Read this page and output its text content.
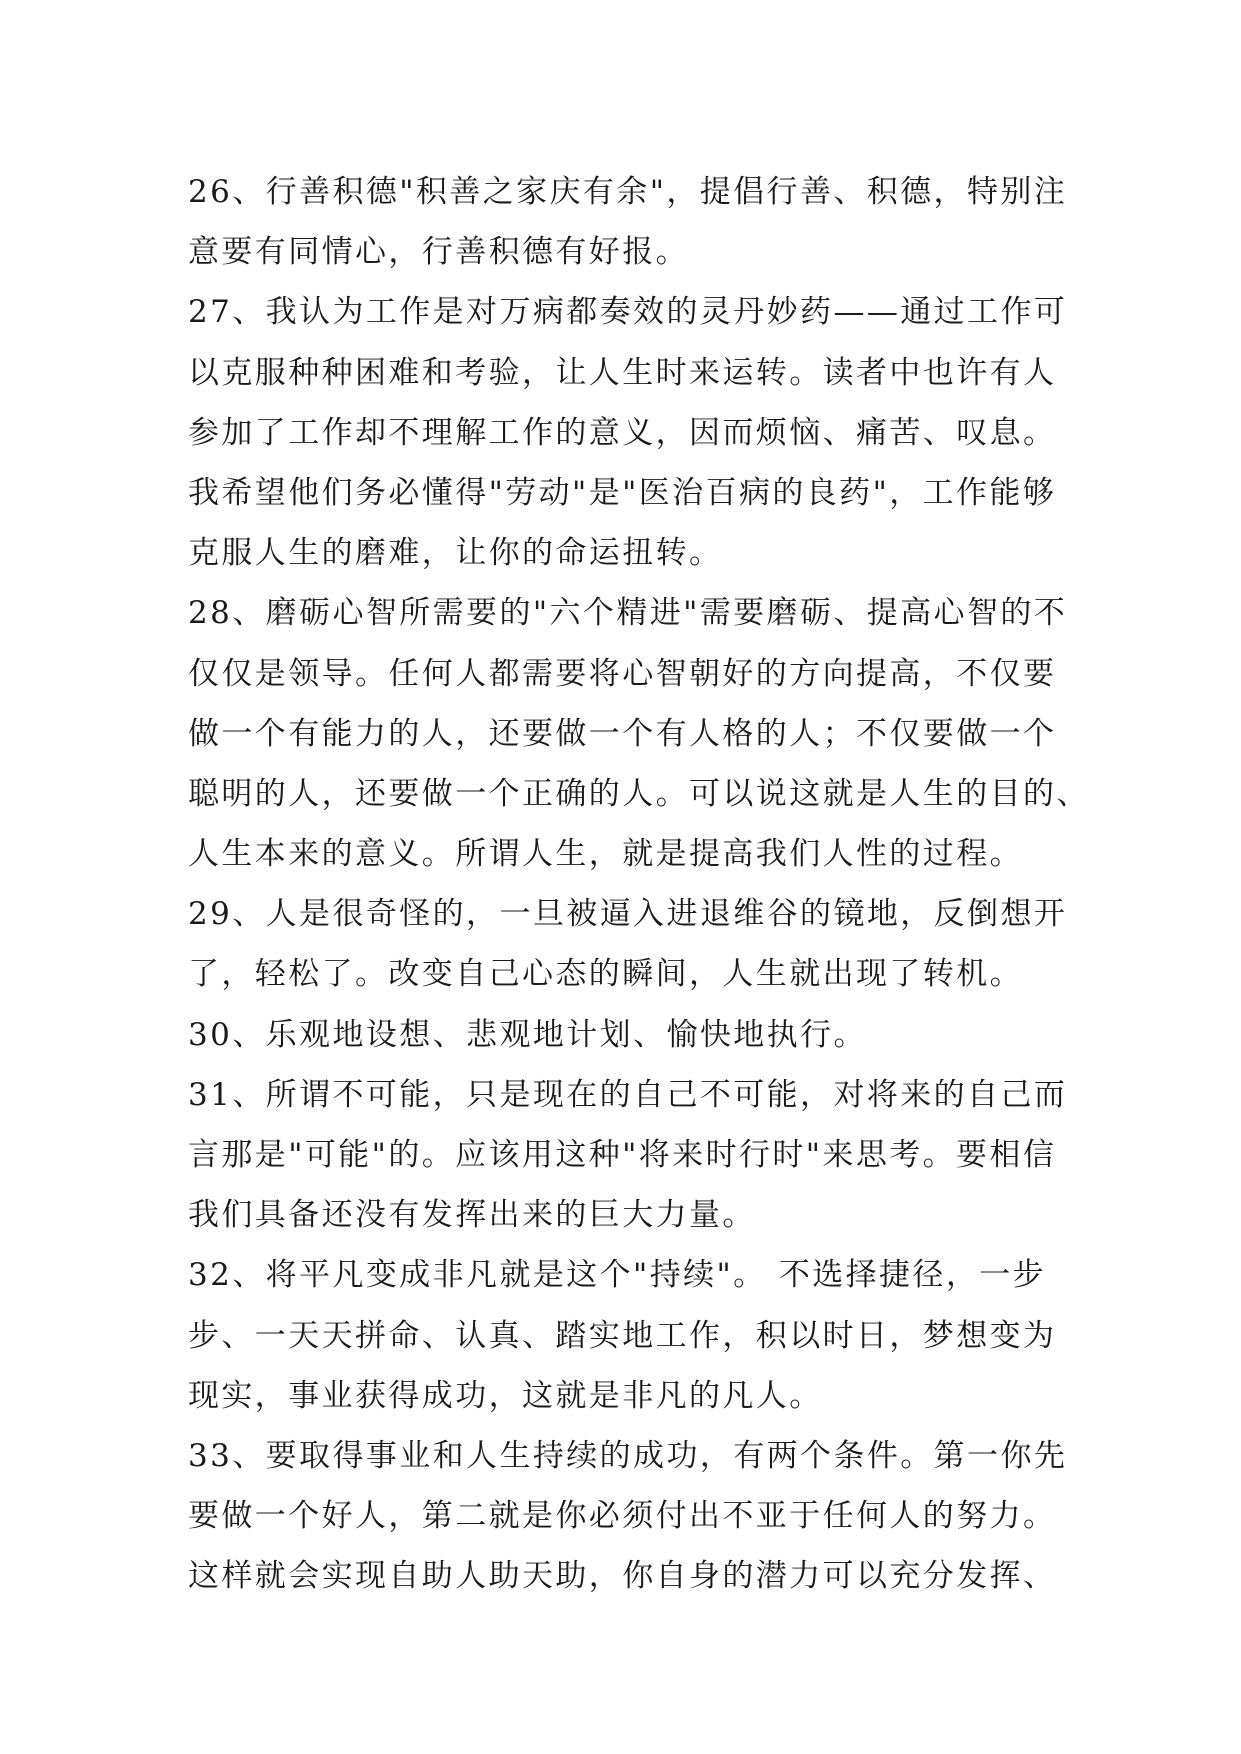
26、行善积德"积善之家庆有余"，提倡行善、积德，特别注
意要有同情心，行善积德有好报。
27、我认为工作是对万病都奏效的灵丹妙药——通过工作可
以克服种种困难和考验，让人生时来运转。读者中也许有人
参加了工作却不理解工作的意义，因而烦恼、痛苦、叹息。
我希望他们务必懂得"劳动"是"医治百病的良药"，工作能够
克服人生的磨难，让你的命运扭转。
28、磨砺心智所需要的"六个精进"需要磨砺、提高心智的不
仅仅是领导。任何人都需要将心智朝好的方向提高，不仅要
做一个有能力的人，还要做一个有人格的人；不仅要做一个
聪明的人，还要做一个正确的人。可以说这就是人生的目的、
人生本来的意义。所谓人生，就是提高我们人性的过程。
29、人是很奇怪的，一旦被逼入进退维谷的镜地，反倒想开
了，轻松了。改变自己心态的瞬间，人生就出现了转机。
30、乐观地设想、悲观地计划、愉快地执行。
31、所谓不可能，只是现在的自己不可能，对将来的自己而
言那是"可能"的。应该用这种"将来时行时"来思考。要相信
我们具备还没有发挥出来的巨大力量。
32、将平凡变成非凡就是这个"持续"。 不选择捷径，一步
步、一天天拼命、认真、踏实地工作，积以时日，梦想变为
现实，事业获得成功，这就是非凡的凡人。
33、要取得事业和人生持续的成功，有两个条件。第一你先
要做一个好人，第二就是你必须付出不亚于任何人的努力。
这样就会实现自助人助天助，你自身的潜力可以充分发挥、
